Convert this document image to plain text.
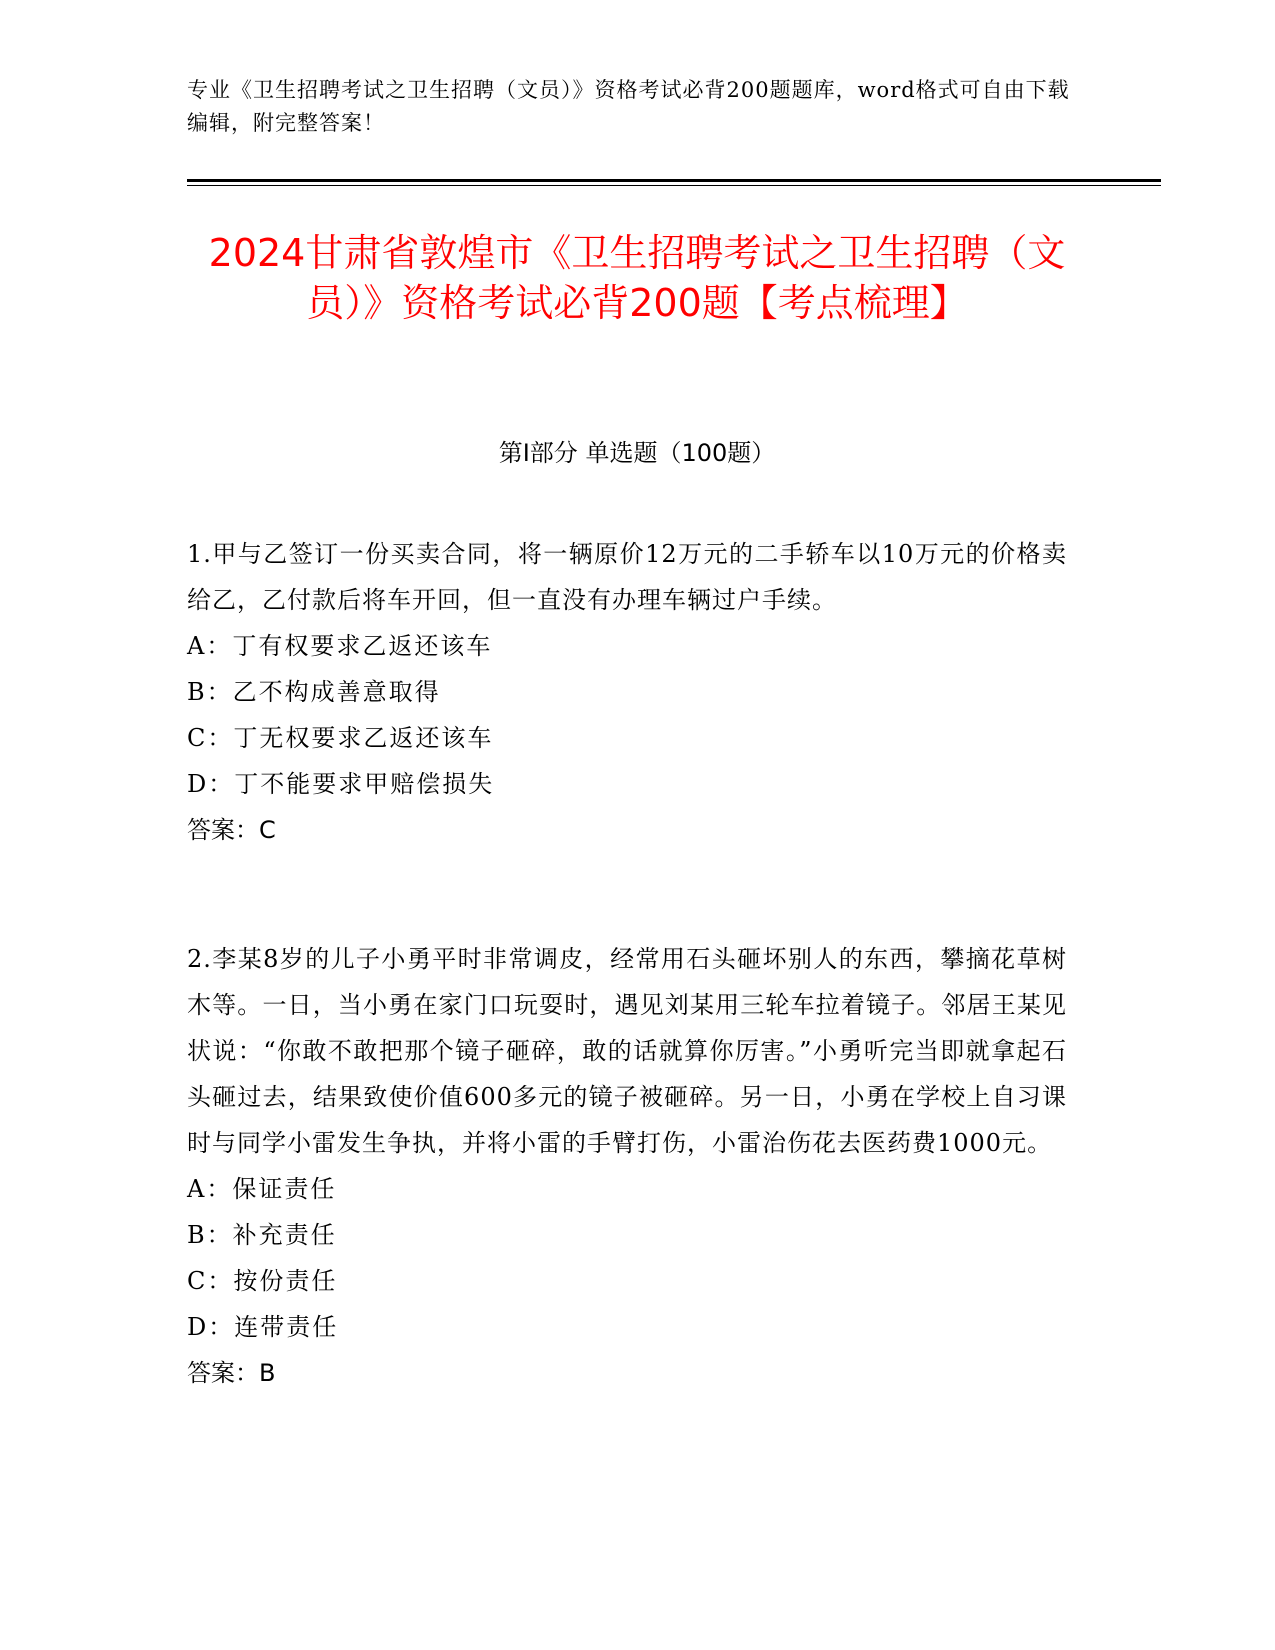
专业《卫生招聘考试之卫生招聘（文员）》资格考试必背200题题库，word格式可自由下载编辑，附完整答案！
2024甘肃省敦煌市《卫生招聘考试之卫生招聘（文员）》资格考试必背200题【考点梳理】
第I部分 单选题（100题）
1.甲与乙签订一份买卖合同，将一辆原价12万元的二手轿车以10万元的价格卖给乙，乙付款后将车开回，但一直没有办理车辆过户手续。
A：丁有权要求乙返还该车
B：乙不构成善意取得
C：丁无权要求乙返还该车
D：丁不能要求甲赔偿损失
答案：C
2.李某8岁的儿子小勇平时非常调皮，经常用石头砸坏别人的东西，攀摘花草树木等。一日，当小勇在家门口玩耍时，遇见刘某用三轮车拉着镜子。邻居王某见状说：“你敢不敢把那个镜子砸碎，敢的话就算你厉害。”小勇听完当即就拿起石头砸过去，结果致使价值600多元的镜子被砸碎。另一日，小勇在学校上自习课时与同学小雷发生争执，并将小雷的手臂打伤，小雷治伤花去医药费1000元。
A：保证责任
B：补充责任
C：按份责任
D：连带责任
答案：B
